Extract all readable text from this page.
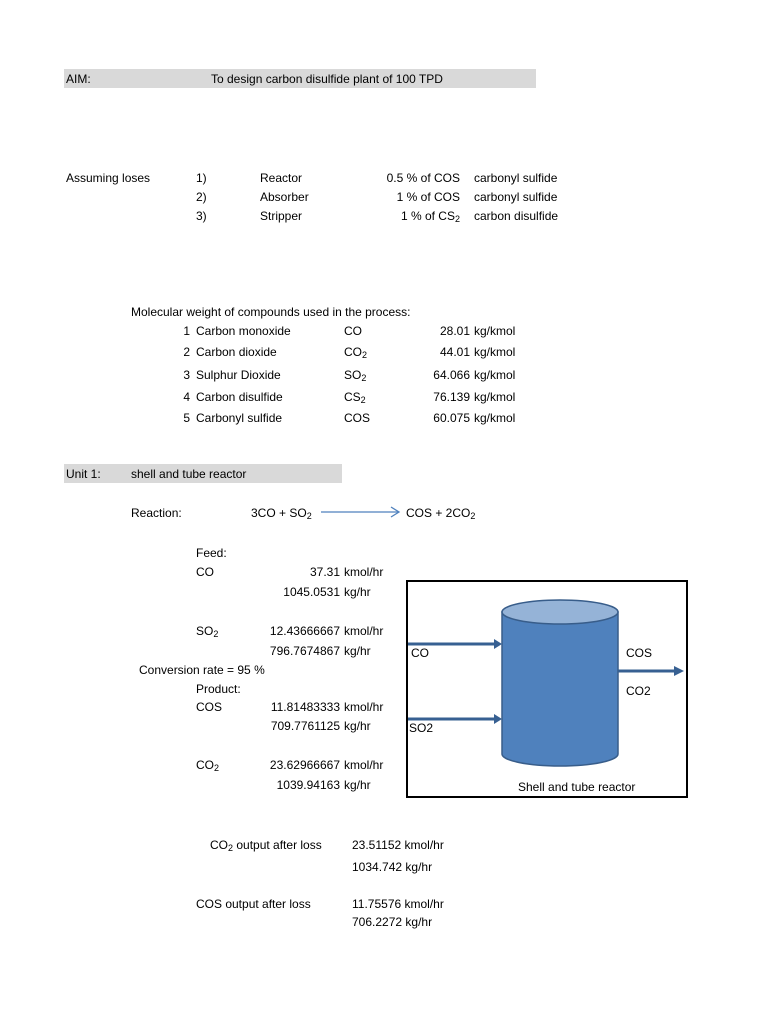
AIM:	To design carbon disulfide plant of 100 TPD
Assuming loses	1)	Reactor	0.5 % of COS carbonyl sulfide
2)	Absorber	1 % of COS carbonyl sulfide
3)	Stripper	1 % of $CS_2$ carbon disulfide
Molecular weight of compounds used in the process:
1 Carbon monoxide	CO	28.01 kg/kmol
2 Carbon dioxide	$CO_2$	44.01 kg/kmol
3 Sulphur Dioxide	$SO_2$	64.066 kg/kmol
4 Carbon disulfide	$CS_2$	76.139 kg/kmol
5 Carbonyl sulfide	COS	60.075 kg/kmol
Unit 1:	shell and tube reactor
Reaction:	$3CO + SO_2$	COS + $2CO_2$
Feed:
CO	37.31 kmol/hr
1045.0531 kg/hr
$SO_2$	12.43666667 kmol/hr
796.7674867 kg/hr
Conversion rate = 95 %
Product:
COS	11.81483333 kmol/hr
709.7761125 kg/hr
$CO_2$	23.62966667 kmol/hr
1039.94163 kg/hr
CO
SO2
COS
CO2
Shell and tube reactor
$CO_2$ output after loss	23.51152 kmol/hr
1034.742 kg/hr
COS output after loss	11.75576 kmol/hr
706.2272 kg/hr
